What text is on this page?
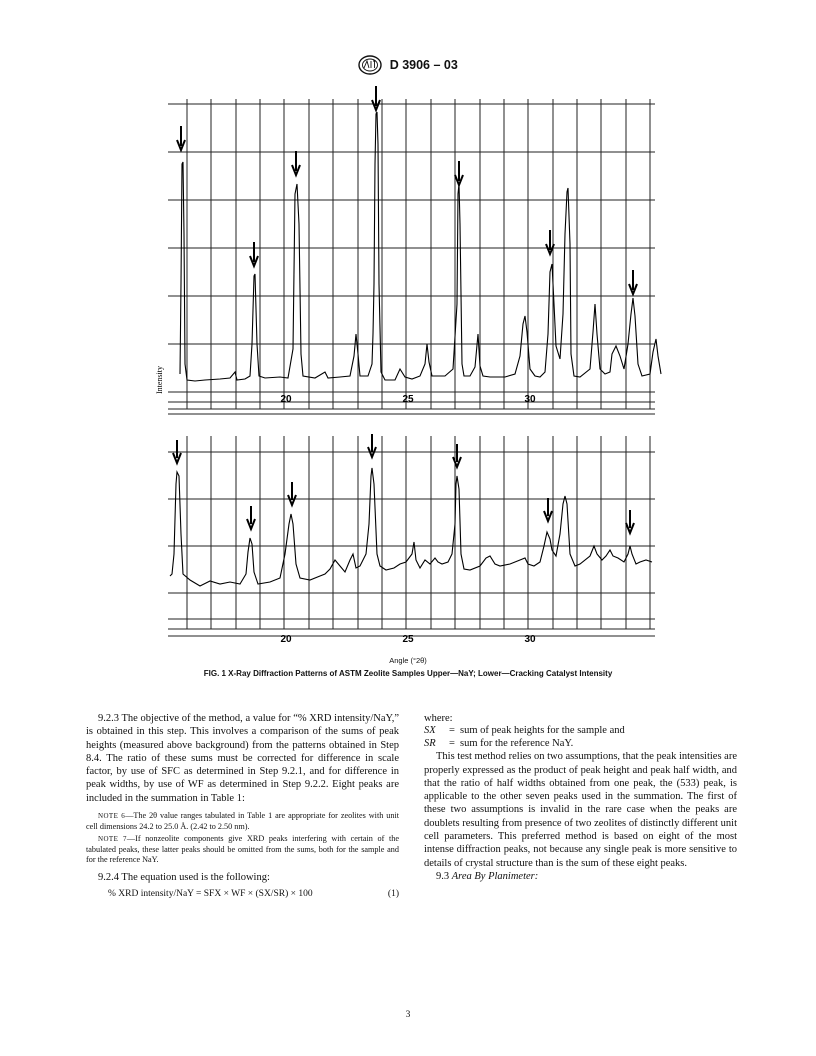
D 3906 – 03
Intensity
20	25	30
20	25	30
Angle (°2θ)
FIG. 1 X-Ray Diffraction Patterns of ASTM Zeolite Samples Upper—NaY; Lower—Cracking Catalyst Intensity

9.2.3 The objective of the method, a value for “% XRD intensity/NaY,” is obtained in this step. This involves a comparison of the sums of peak heights (measured above background) from the patterns obtained in Step 8.4. The ratio of these sums must be corrected for difference in scale factor, by use of SFC as determined in Step 9.2.1, and for difference in peak widths, by use of WF as determined in Step 9.2.2. Eight peaks are included in the summation in Table 1:

NOTE 6—The 2θ value ranges tabulated in Table 1 are appropriate for zeolites with unit cell dimensions 24.2 to 25.0 Å. (2.42 to 2.50 nm).

NOTE 7—If nonzeolite components give XRD peaks interfering with certain of the tabulated peaks, these latter peaks should be omitted from the sums, both for the sample and for the reference NaY.

9.2.4 The equation used is the following:

% XRD intensity/NaY = SFX × WF × (SX/SR) × 100	(1)

where:

SX	=	sum of peak heights for the sample and
SR	=	sum for the reference NaY.

This test method relies on two assumptions, that the peak intensities are properly expressed as the product of peak height and peak half width, and that the ratio of half widths obtained from one peak, the (533) peak, is applicable to the other seven peaks used in the summation. The first of these two assumptions is invalid in the rare case when the peaks are doublets resulting from presence of two zeolites of distinctly different unit cell parameters. This preferred method is based on eight of the most intense diffraction peaks, not because any single peak is more sensitive to details of crystal structure than is the sum of these eight peaks.

9.3 Area By Planimeter:

3
